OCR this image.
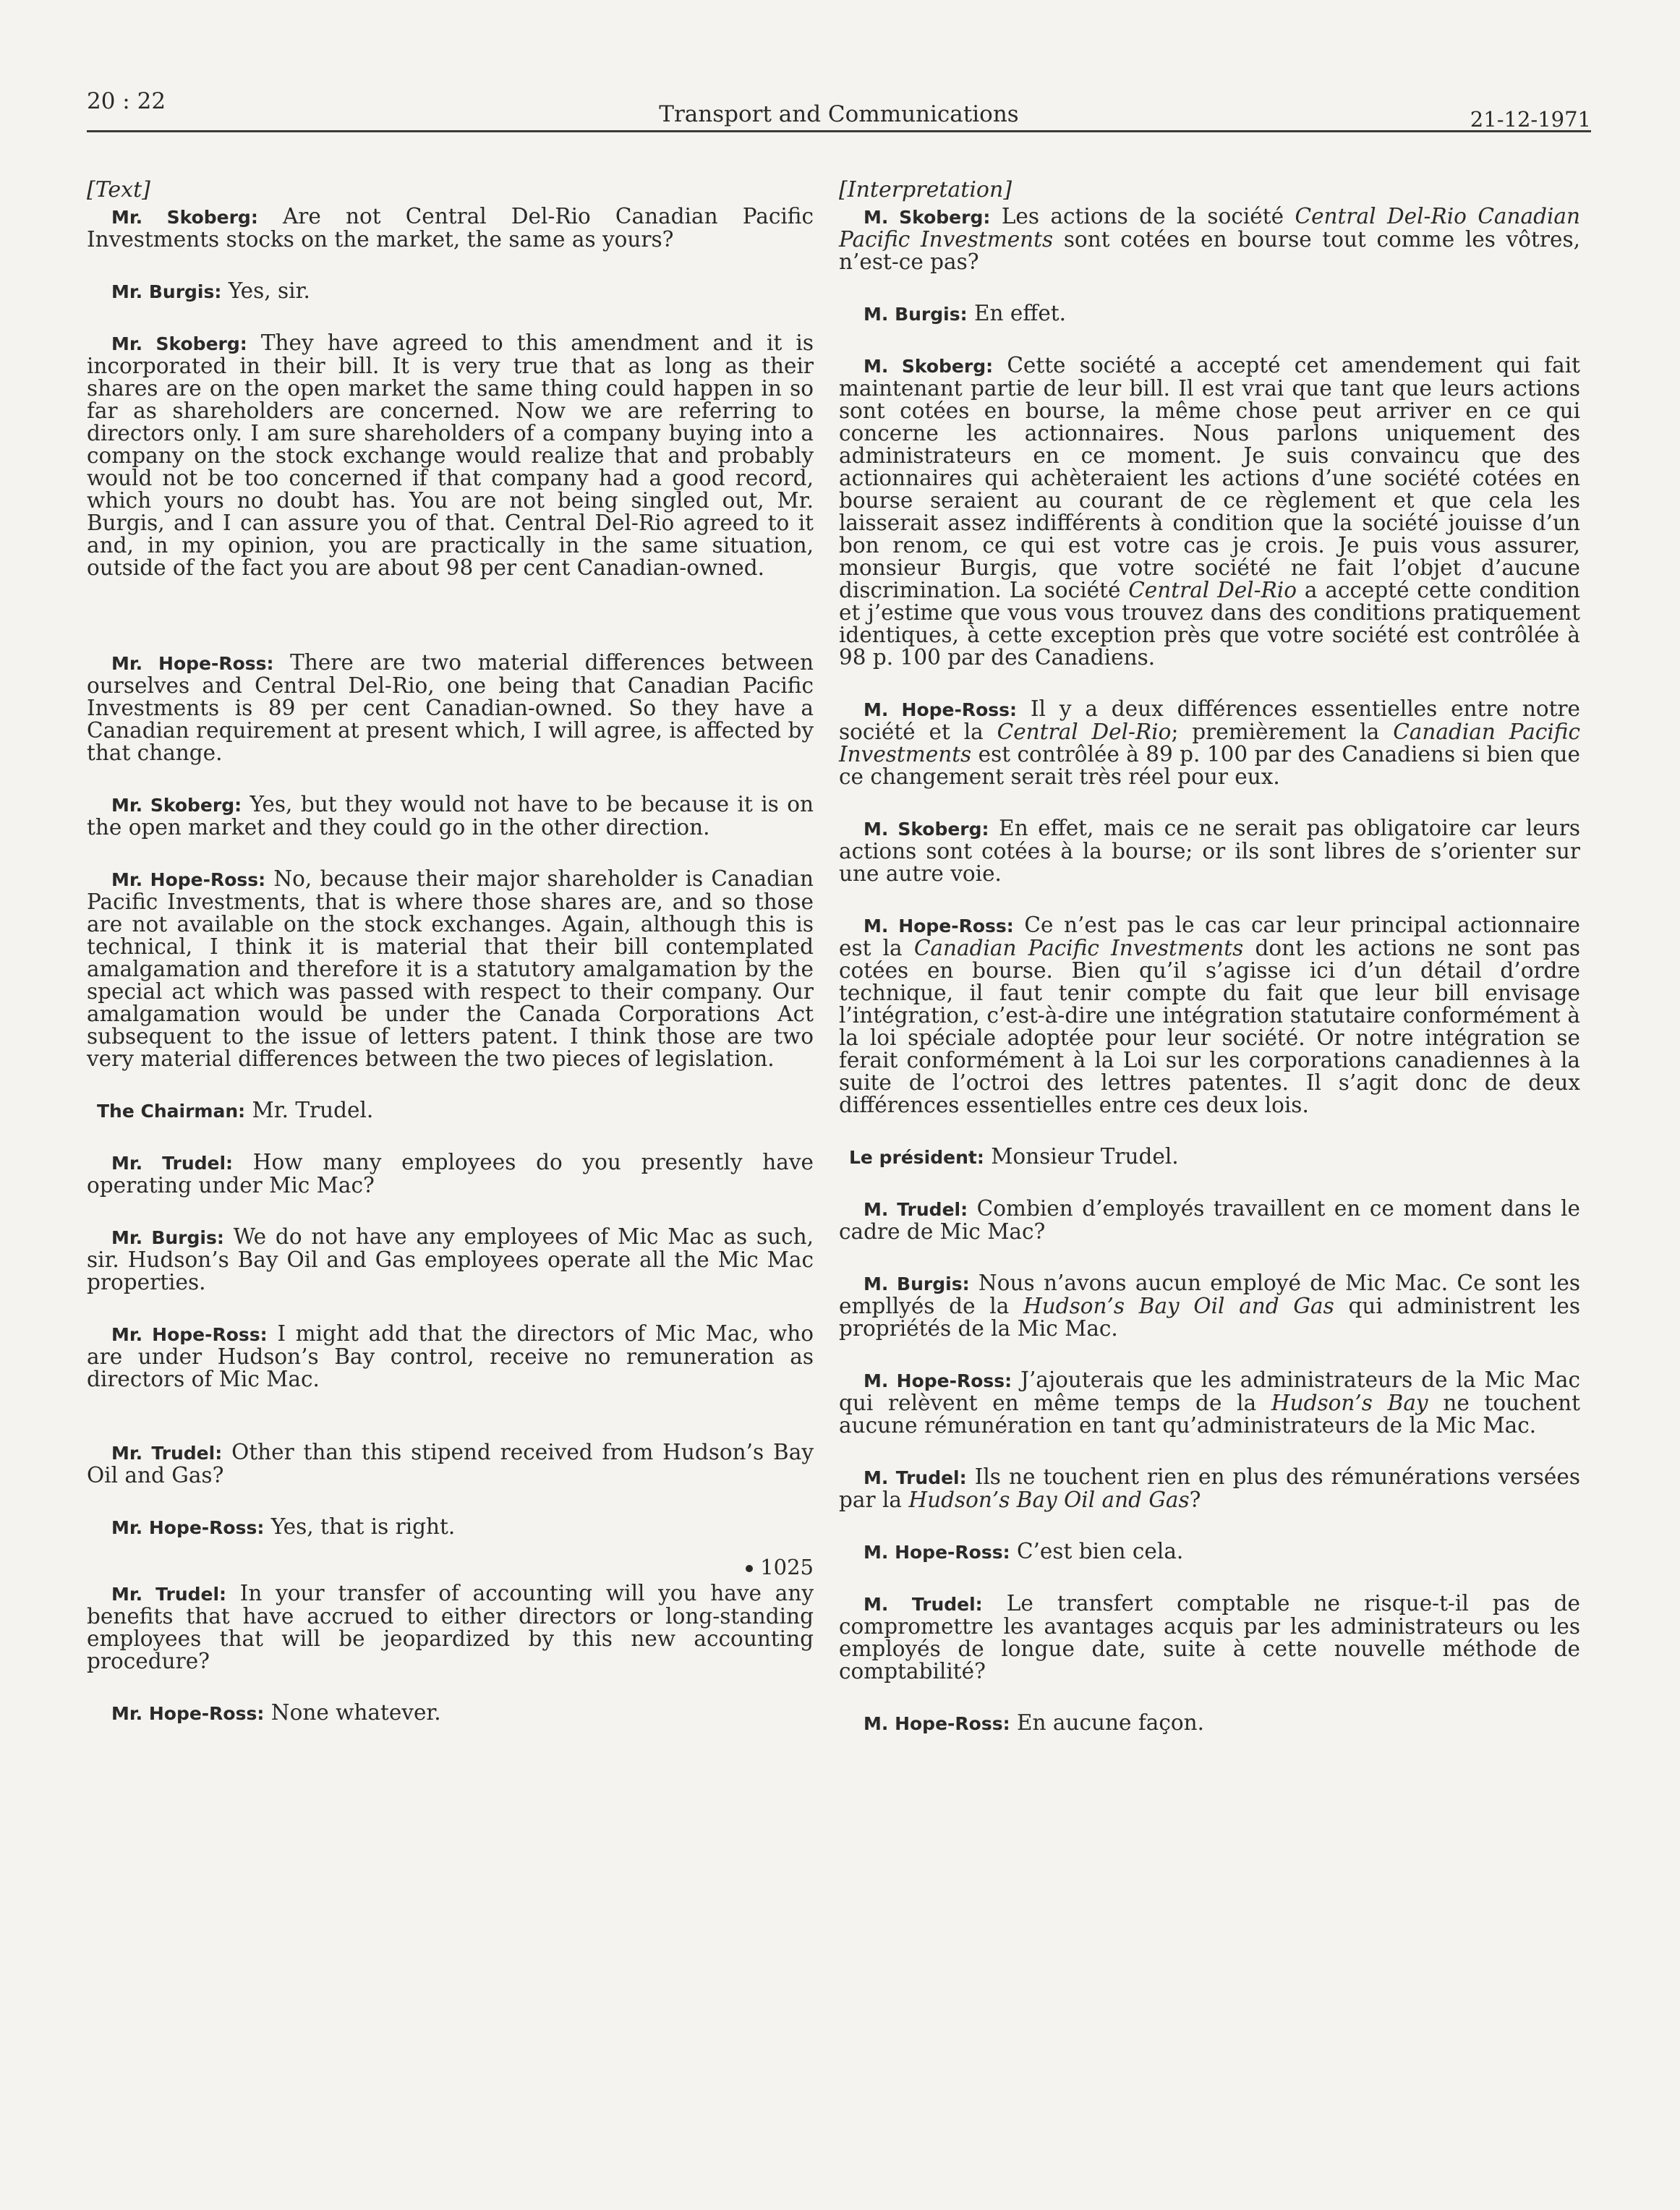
20 : 22	Transport and Communications	21-12-1971
[Text]

Mr. Skoberg: Are not Central Del-Rio Canadian Pacific Investments stocks on the market, the same as yours?

Mr. Burgis: Yes, sir.

Mr. Skoberg: They have agreed to this amendment and it is incorporated in their bill. It is very true that as long as their shares are on the open market the same thing could happen in so far as shareholders are concerned. Now we are referring to directors only. I am sure shareholders of a company buying into a company on the stock exchange would realize that and probably would not be too concerned if that company had a good record, which yours no doubt has. You are not being singled out, Mr. Burgis, and I can assure you of that. Central Del-Rio agreed to it and, in my opinion, you are practically in the same situation, outside of the fact you are about 98 per cent Canadian-owned.

Mr. Hope-Ross: There are two material differences between ourselves and Central Del-Rio, one being that Canadian Pacific Investments is 89 per cent Canadian-owned. So they have a Canadian requirement at present which, I will agree, is affected by that change.

Mr. Skoberg: Yes, but they would not have to be because it is on the open market and they could go in the other direction.

Mr. Hope-Ross: No, because their major shareholder is Canadian Pacific Investments, that is where those shares are, and so those are not available on the stock exchanges. Again, although this is technical, I think it is material that their bill contemplated amalgamation and therefore it is a statutory amalgamation by the special act which was passed with respect to their company. Our amalgamation would be under the Canada Corporations Act subsequent to the issue of letters patent. I think those are two very material differences between the two pieces of legislation.

The Chairman: Mr. Trudel.

Mr. Trudel: How many employees do you presently have operating under Mic Mac?

Mr. Burgis: We do not have any employees of Mic Mac as such, sir. Hudson’s Bay Oil and Gas employees operate all the Mic Mac properties.

Mr. Hope-Ross: I might add that the directors of Mic Mac, who are under Hudson’s Bay control, receive no remuneration as directors of Mic Mac.

Mr. Trudel: Other than this stipend received from Hudson’s Bay Oil and Gas?

Mr. Hope-Ross: Yes, that is right.

1025

Mr. Trudel: In your transfer of accounting will you have any benefits that have accrued to either directors or long-standing employees that will be jeopardized by this new accounting procedure?

Mr. Hope-Ross: None whatever.

[Interpretation]

M. Skoberg: Les actions de la société Central Del-Rio Canadian Pacific Investments sont cotées en bourse tout comme les vôtres, n’est-ce pas?

M. Burgis: En effet.

M. Skoberg: Cette société a accepté cet amendement qui fait maintenant partie de leur bill. Il est vrai que tant que leurs actions sont cotées en bourse, la même chose peut arriver en ce qui concerne les actionnaires. Nous parlons uniquement des administrateurs en ce moment. Je suis convaincu que des actionnaires qui achèteraient les actions d’une société cotées en bourse seraient au courant de ce règlement et que cela les laisserait assez indifférents à condition que la société jouisse d’un bon renom, ce qui est votre cas je crois. Je puis vous assurer, monsieur Burgis, que votre société ne fait l’objet d’aucune discrimination. La société Central Del-Rio a accepté cette condition et j’estime que vous vous trouvez dans des conditions pratiquement identiques, à cette exception près que votre société est contrôlée à 98 p. 100 par des Canadiens.

M. Hope-Ross: Il y a deux différences essentielles entre notre société et la Central Del-Rio; premièrement la Canadian Pacific Investments est contrôlée à 89 p. 100 par des Canadiens si bien que ce changement serait très réel pour eux.

M. Skoberg: En effet, mais ce ne serait pas obligatoire car leurs actions sont cotées à la bourse; or ils sont libres de s’orienter sur une autre voie.

M. Hope-Ross: Ce n’est pas le cas car leur principal actionnaire est la Canadian Pacific Investments dont les actions ne sont pas cotées en bourse. Bien qu’il s’agisse ici d’un détail d’ordre technique, il faut tenir compte du fait que leur bill envisage l’intégration, c’est-à-dire une intégration statutaire conformément à la loi spéciale adoptée pour leur société. Or notre intégration se ferait conformément à la Loi sur les corporations canadiennes à la suite de l’octroi des lettres patentes. Il s’agit donc de deux différences essentielles entre ces deux lois.

Le président: Monsieur Trudel.

M. Trudel: Combien d’employés travaillent en ce moment dans le cadre de Mic Mac?

M. Burgis: Nous n’avons aucun employé de Mic Mac. Ce sont les empllyés de la Hudson’s Bay Oil and Gas qui administrent les propriétés de la Mic Mac.

M. Hope-Ross: J’ajouterais que les administrateurs de la Mic Mac qui relèvent en même temps de la Hudson’s Bay ne touchent aucune rémunération en tant qu’administrateurs de la Mic Mac.

M. Trudel: Ils ne touchent rien en plus des rémunérations versées par la Hudson’s Bay Oil and Gas?

M. Hope-Ross: C’est bien cela.

M. Trudel: Le transfert comptable ne risque-t-il pas de compromettre les avantages acquis par les administrateurs ou les employés de longue date, suite à cette nouvelle méthode de comptabilité?

M. Hope-Ross: En aucune façon.
